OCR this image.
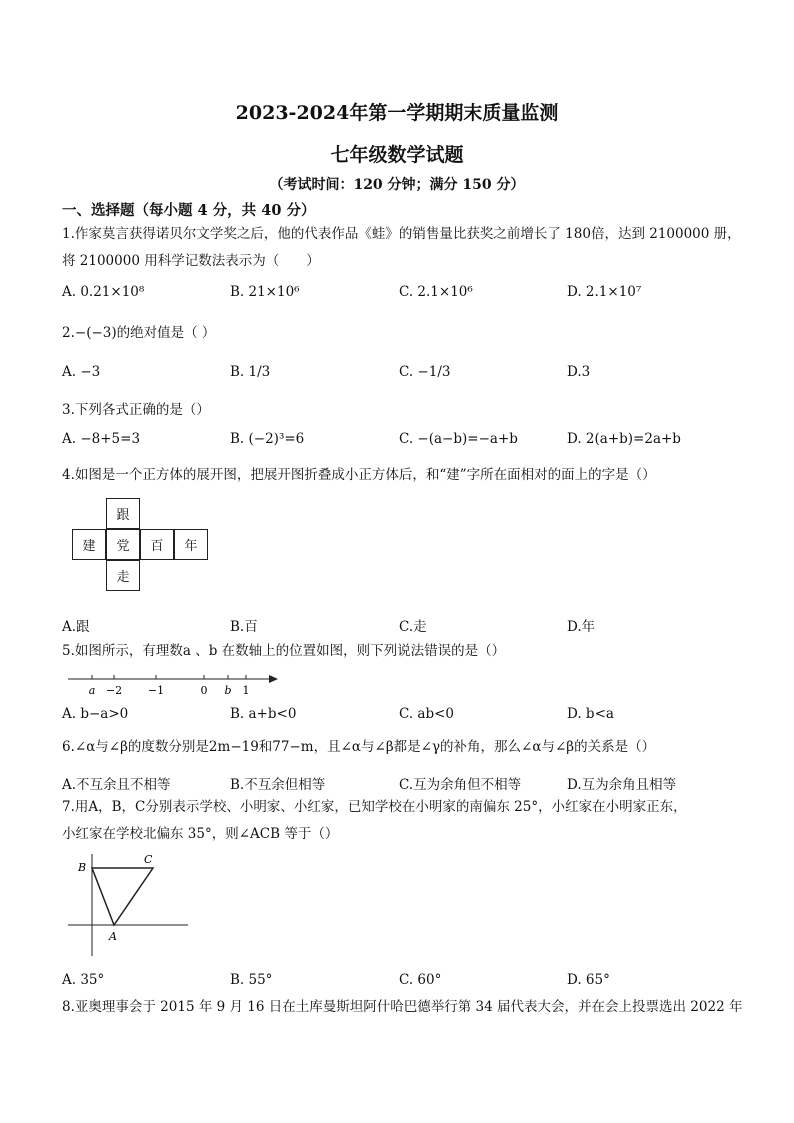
2023-2024年第一学期期末质量监测
七年级数学试题
（考试时间：120 分钟；满分 150 分）
一、选择题（每小题 4 分，共 40 分）
1.作家莫言获得诺贝尔文学奖之后，他的代表作品《蛙》的销售量比获奖之前增长了 180倍，达到 2100000 册，
将 2100000 用科学记数法表示为（　　）
A. 0.21×10⁸	B. 21×10⁶	C. 2.1×10⁶	D. 2.1×10⁷
2.−(−3)的绝对值是（ ）
A. −3	B. 1/3	C. −1/3	D.3
3.下列各式正确的是（）
A. −8+5=3	B. (−2)³=6	C. −(a−b)=−a+b	D. 2(a+b)=2a+b
4.如图是一个正方体的展开图，把展开图折叠成小正方体后，和“建”字所在面相对的面上的字是（）
跟
建	党	百	年
走
A.跟	B.百	C.走	D.年
5.如图所示，有理数a 、b 在数轴上的位置如图，则下列说法错误的是（）
a −2 −1	0 b 1
A. b−a>0	B. a+b<0	C. ab<0	D. b<a
6.∠α与∠β的度数分别是2m−19和77−m，且∠α与∠β都是∠γ的补角，那么∠α与∠β的关系是（）
A.不互余且不相等	B.不互余但相等	C.互为余角但不相等	D.互为余角且相等
7.用A，B，C分别表示学校、小明家、小红家，已知学校在小明家的南偏东 25°，小红家在小明家正东，
小红家在学校北偏东 35°，则∠ACB 等于（）
B
C
A
A. 35°	B. 55°	C. 60°	D. 65°
8.亚奥理事会于 2015 年 9 月 16 日在土库曼斯坦阿什哈巴德举行第 34 届代表大会，并在会上投票选出 2022 年
